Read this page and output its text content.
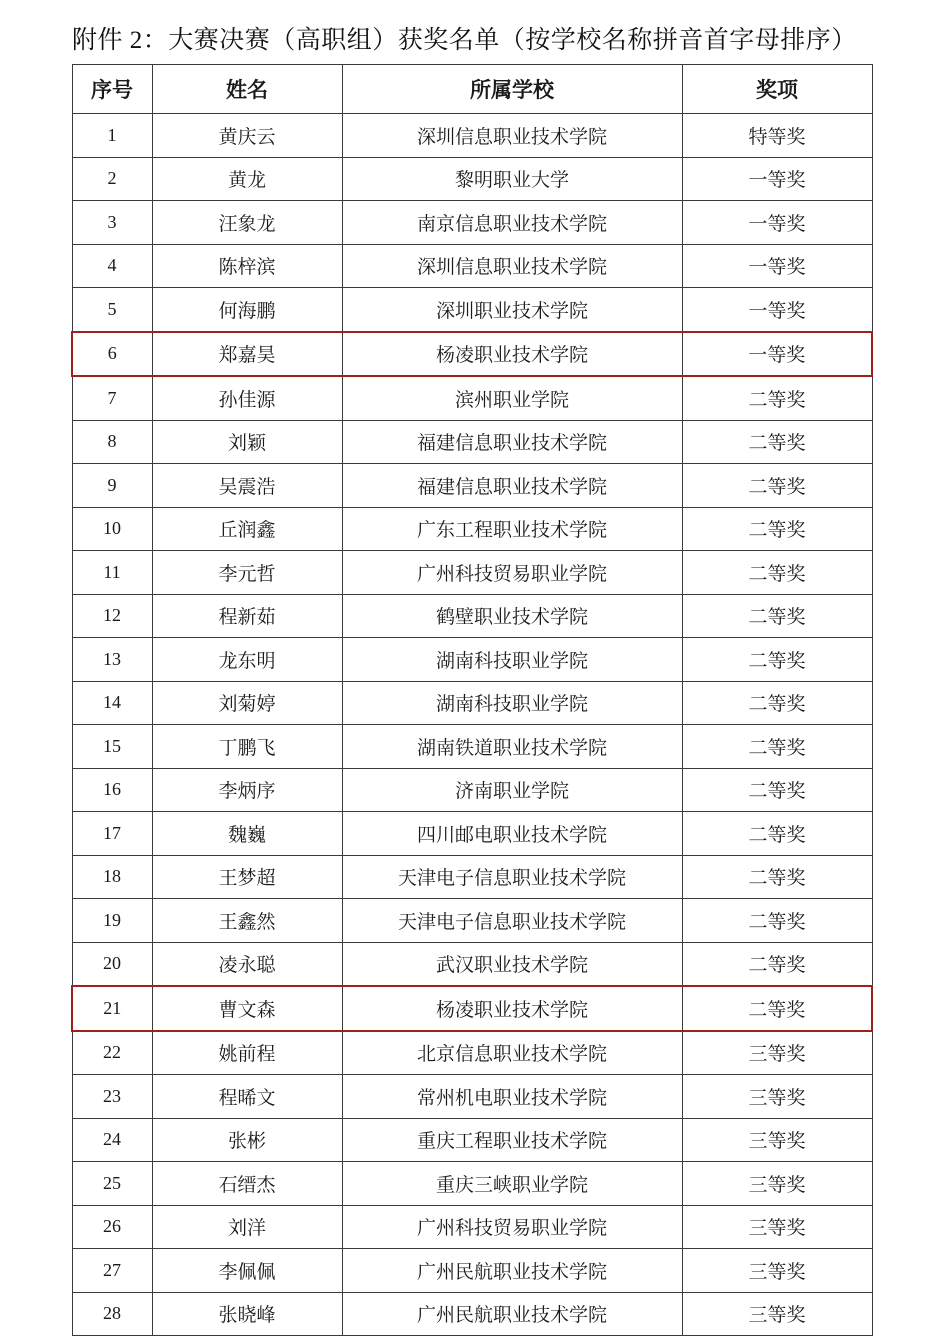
附件 2：大赛决赛（高职组）获奖名单（按学校名称拼音首字母排序）
序号	姓名	所属学校	奖项
1	黄庆云	深圳信息职业技术学院	特等奖
2	黄龙	黎明职业大学	一等奖
3	汪象龙	南京信息职业技术学院	一等奖
4	陈梓滨	深圳信息职业技术学院	一等奖
5	何海鹏	深圳职业技术学院	一等奖
6	郑嘉昊	杨凌职业技术学院	一等奖
7	孙佳源	滨州职业学院	二等奖
8	刘颖	福建信息职业技术学院	二等奖
9	吴震浩	福建信息职业技术学院	二等奖
10	丘润鑫	广东工程职业技术学院	二等奖
11	李元哲	广州科技贸易职业学院	二等奖
12	程新茹	鹤壁职业技术学院	二等奖
13	龙东明	湖南科技职业学院	二等奖
14	刘菊婷	湖南科技职业学院	二等奖
15	丁鹏飞	湖南铁道职业技术学院	二等奖
16	李炳序	济南职业学院	二等奖
17	魏巍	四川邮电职业技术学院	二等奖
18	王梦超	天津电子信息职业技术学院	二等奖
19	王鑫然	天津电子信息职业技术学院	二等奖
20	凌永聪	武汉职业技术学院	二等奖
21	曹文森	杨凌职业技术学院	二等奖
22	姚前程	北京信息职业技术学院	三等奖
23	程晞文	常州机电职业技术学院	三等奖
24	张彬	重庆工程职业技术学院	三等奖
25	石缙杰	重庆三峡职业学院	三等奖
26	刘洋	广州科技贸易职业学院	三等奖
27	李佩佩	广州民航职业技术学院	三等奖
28	张晓峰	广州民航职业技术学院	三等奖
